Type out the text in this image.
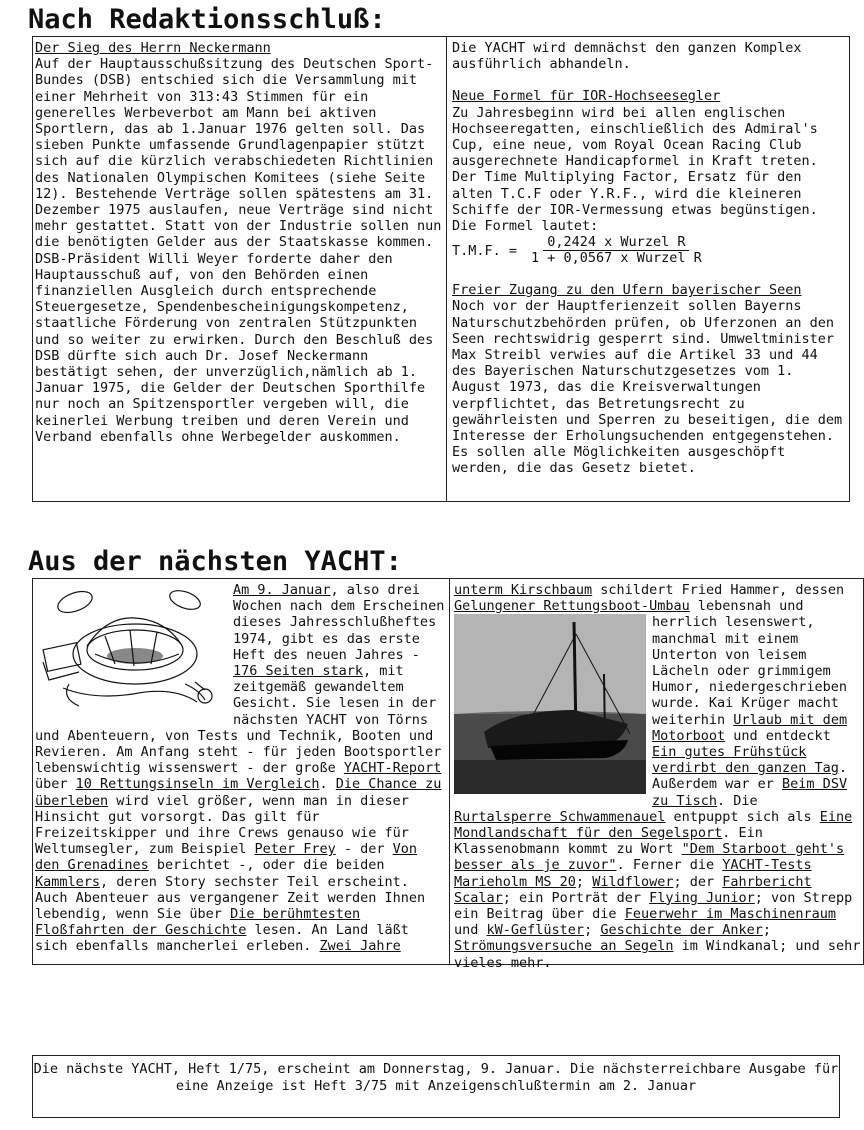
Nach Redaktionsschluß:
Der Sieg des Herrn Neckermann

Auf der Hauptausschußsitzung des Deutschen Sport-Bundes (DSB) entschied sich die Versammlung mit einer Mehrheit von 313:43 Stimmen für ein generelles Werbeverbot am Mann bei aktiven Sportlern, das ab 1.Januar 1976 gelten soll. Das sieben Punkte umfassende Grundlagenpapier stützt sich auf die kürzlich verabschiedeten Richtlinien des Nationalen Olympischen Komitees (siehe Seite 12). Bestehende Verträge sollen spätestens am 31. Dezember 1975 auslaufen, neue Verträge sind nicht mehr gestattet. Statt von der Industrie sollen nun die benötigten Gelder aus der Staatskasse kommen. DSB-Präsident Willi Weyer forderte daher den Hauptausschuß auf, von den Behörden einen finanziellen Ausgleich durch entsprechende Steuergesetze, Spendenbescheinigungskompetenz, staatliche Förderung von zentralen Stützpunkten und so weiter zu erwirken. Durch den Beschluß des DSB dürfte sich auch Dr. Josef Neckermann bestätigt sehen, der unverzüglich,nämlich ab 1. Januar 1975, die Gelder der Deutschen Sporthilfe nur noch an Spitzensportler vergeben will, die keinerlei Werbung treiben und deren Verein und Verband ebenfalls ohne Werbegelder auskommen.

Die YACHT wird demnächst den ganzen Komplex ausführlich abhandeln.

Neue Formel für IOR-Hochseesegler

Zu Jahresbeginn wird bei allen englischen Hochseeregatten, einschließlich des Admiral's Cup, eine neue, vom Royal Ocean Racing Club ausgerechnete Handicapformel in Kraft treten. Der Time Multiplying Factor, Ersatz für den alten T.C.F oder Y.R.F., wird die kleineren Schiffe der IOR-Vermessung etwas begünstigen. Die Formel lautet:

T.M.F. = $\frac{\text{0,2424 x Wurzel R}}{\text{1 + 0,0567 x Wurzel R}}$
Freier Zugang zu den Ufern bayerischer Seen

Noch vor der Hauptferienzeit sollen Bayerns Naturschutzbehörden prüfen, ob Uferzonen an den Seen rechtswidrig gesperrt sind. Umweltminister Max Streibl verwies auf die Artikel 33 und 44 des Bayerischen Naturschutzgesetzes vom 1. August 1973, das die Kreisverwaltungen verpflichtet, das Betretungsrecht zu gewährleisten und Sperren zu beseitigen, die dem Interesse der Erholungsuchenden entgegenstehen. Es sollen alle Möglichkeiten ausgeschöpft werden, die das Gesetz bietet.

Aus der nächsten YACHT:

Am 9. Januar, also drei Wochen nach dem Erscheinen dieses Jahresschlußheftes 1974, gibt es das erste Heft des neuen Jahres - 176 Seiten stark, mit zeitgemäß gewandeltem Gesicht. Sie lesen in der nächsten YACHT von Törns und Abenteuern, von Tests und Technik, Booten und Revieren. Am Anfang steht - für jeden Bootsportler lebenswichtig wissenswert - der große YACHT-Report über 10 Rettungsinseln im Vergleich. Die Chance zu überleben wird viel größer, wenn man in dieser Hinsicht gut vorsorgt. Das gilt für Freizeitskipper und ihre Crews genauso wie für Weltumsegler, zum Beispiel Peter Frey - der Von den Grenadines berichtet -, oder die beiden Kammlers, deren Story sechster Teil erscheint. Auch Abenteuer aus vergangener Zeit werden Ihnen lebendig, wenn Sie über Die berühmtesten Floßfahrten der Geschichte lesen. An Land läßt sich ebenfalls mancherlei erleben. Zwei Jahre

unterm Kirschbaum schildert Fried Hammer, dessen Gelungener Rettungsboot-Umbau
lebensnah und herrlich lesenswert, manchmal mit einem Unterton von leisem Lächeln oder grimmigem Humor, niedergeschrieben wurde. Kai Krüger macht weiterhin Urlaub mit dem Motorboot und entdeckt Ein gutes Frühstück verdirbt den ganzen Tag. Außerdem war er Beim DSV zu Tisch. Die Rurtalsperre Schwammenauel entpuppt sich als Eine Mondlandschaft für den Segelsport. Ein Klassenobmann kommt zu Wort "Dem Starboot geht's besser als je zuvor". Ferner die YACHT-Tests Marieholm MS 20; Wildflower; der Fahrbericht Scalar; ein Porträt der Flying Junior; von Strepp ein Beitrag über die Feuerwehr im Maschinenraum und kW-Geflüster; Geschichte der Anker; Strömungsversuche an Segeln im Windkanal; und sehr vieles mehr.

Die nächste YACHT, Heft 1/75, erscheint am Donnerstag, 9. Januar. Die nächsterreichbare Ausgabe für eine Anzeige ist Heft 3/75 mit Anzeigenschlußtermin am 2. Januar
